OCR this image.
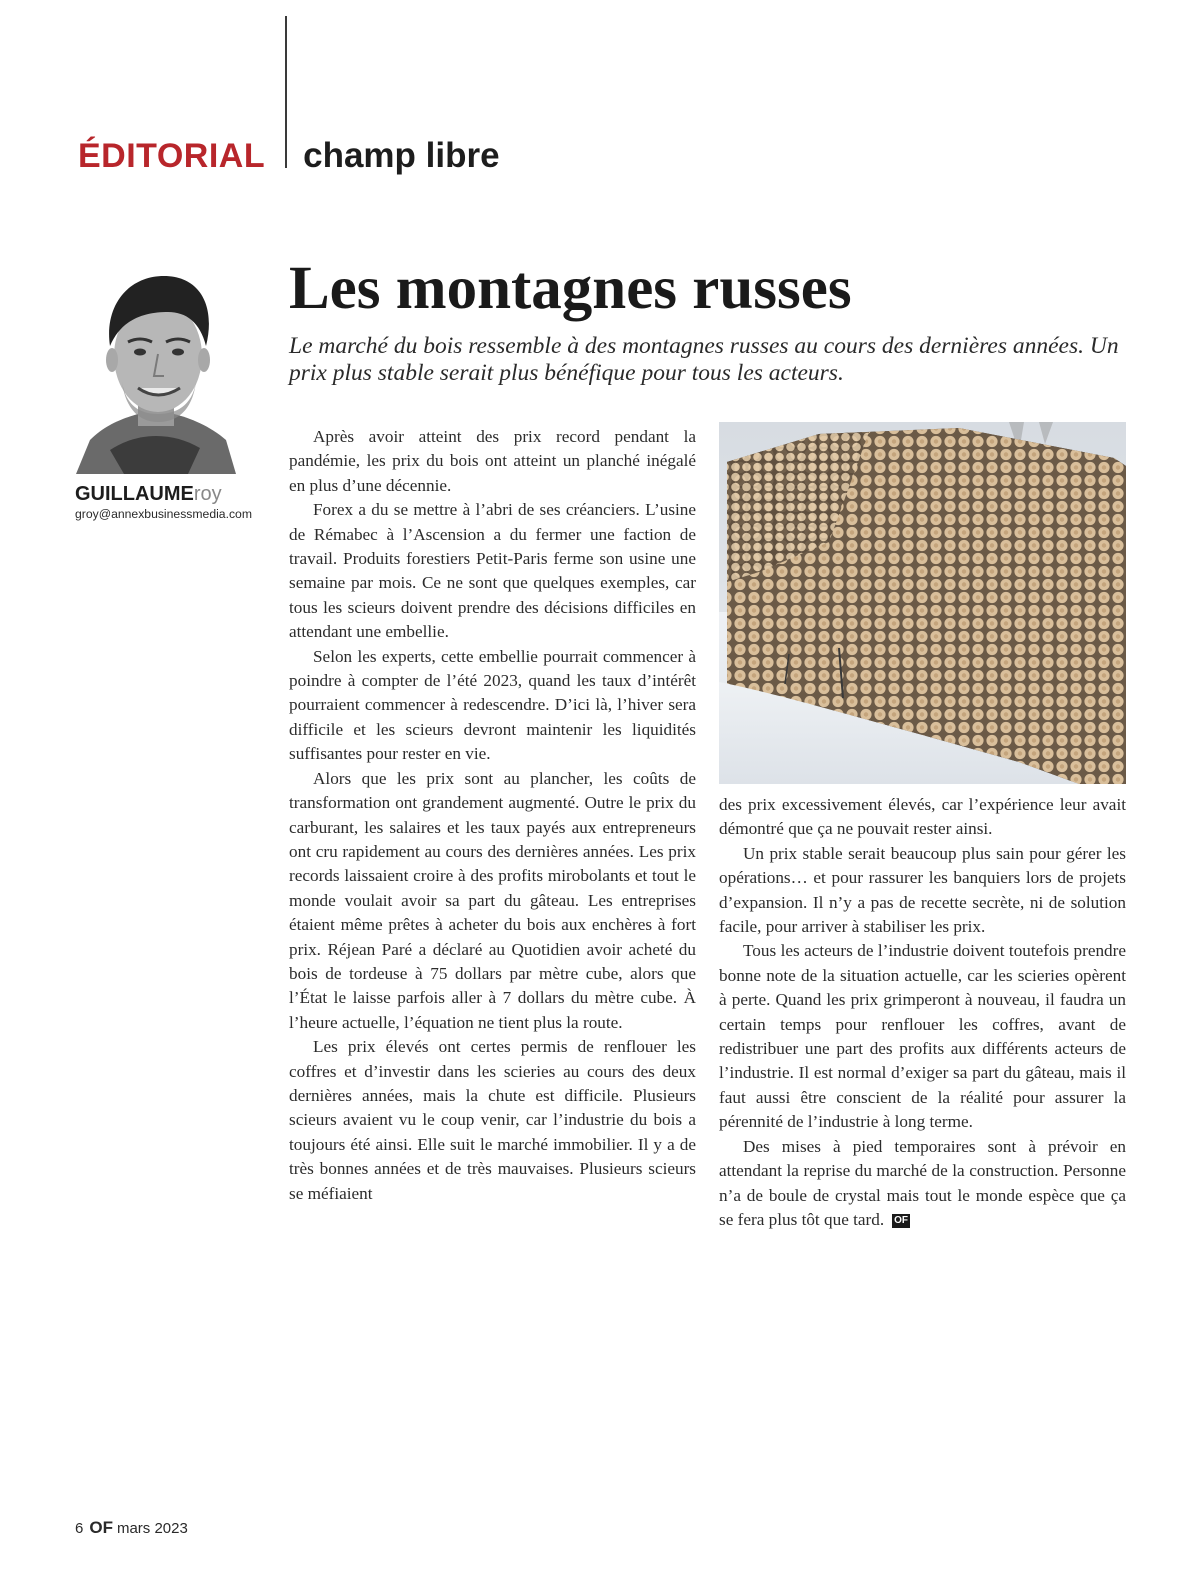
ÉDITORIAL champ libre
GUILLAUMEroy
groy@annexbusinessmedia.com
Les montagnes russes

Le marché du bois ressemble à des montagnes russes au cours des dernières années. Un prix plus stable serait plus bénéfique pour tous les acteurs.

Après avoir atteint des prix record pendant la pandémie, les prix du bois ont atteint un planché inégalé en plus d’une décennie.

Forex a du se mettre à l’abri de ses créanciers. L’usine de Rémabec à l’Ascension a du fermer une faction de travail. Produits forestiers Petit-Paris ferme son usine une semaine par mois. Ce ne sont que quelques exemples, car tous les scieurs doivent prendre des décisions difficiles en attendant une embellie.

Selon les experts, cette embellie pourrait commencer à poindre à compter de l’été 2023, quand les taux d’intérêt pourraient commencer à redescendre. D’ici là, l’hiver sera difficile et les scieurs devront maintenir les liquidités suffisantes pour rester en vie.

Alors que les prix sont au plancher, les coûts de transformation ont grandement augmenté. Outre le prix du carburant, les salaires et les taux payés aux entrepreneurs ont cru rapidement au cours des dernières années. Les prix records laissaient croire à des profits mirobolants et tout le monde voulait avoir sa part du gâteau. Les entreprises étaient même prêtes à acheter du bois aux enchères à fort prix. Réjean Paré a déclaré au Quotidien avoir acheté du bois de tordeuse à 75 dollars par mètre cube, alors que l’État le laisse parfois aller à 7 dollars du mètre cube. À l’heure actuelle, l’équation ne tient plus la route.

Les prix élevés ont certes permis de renflouer les coffres et d’investir dans les scieries au cours des deux dernières années, mais la chute est difficile. Plusieurs scieurs avaient vu le coup venir, car l’industrie du bois a toujours été ainsi. Elle suit le marché immobilier. Il y a de très bonnes années et de très mauvaises. Plusieurs scieurs se méfiaient

des prix excessivement élevés, car l’expérience leur avait démontré que ça ne pouvait rester ainsi.

Un prix stable serait beaucoup plus sain pour gérer les opérations… et pour rassurer les banquiers lors de projets d’expansion. Il n’y a pas de recette secrète, ni de solution facile, pour arriver à stabiliser les prix.

Tous les acteurs de l’industrie doivent toutefois prendre bonne note de la situation actuelle, car les scieries opèrent à perte. Quand les prix grimperont à nouveau, il faudra un certain temps pour renflouer les coffres, avant de redistribuer une part des profits aux différents acteurs de l’industrie. Il est normal d’exiger sa part du gâteau, mais il faut aussi être conscient de la réalité pour assurer la pérennité de l’industrie à long terme.

Des mises à pied temporaires sont à prévoir en attendant la reprise du marché de la construction. Personne n’a de boule de crystal mais tout le monde espèce que ça se fera plus tôt que tard. OF

6 OF mars 2023
